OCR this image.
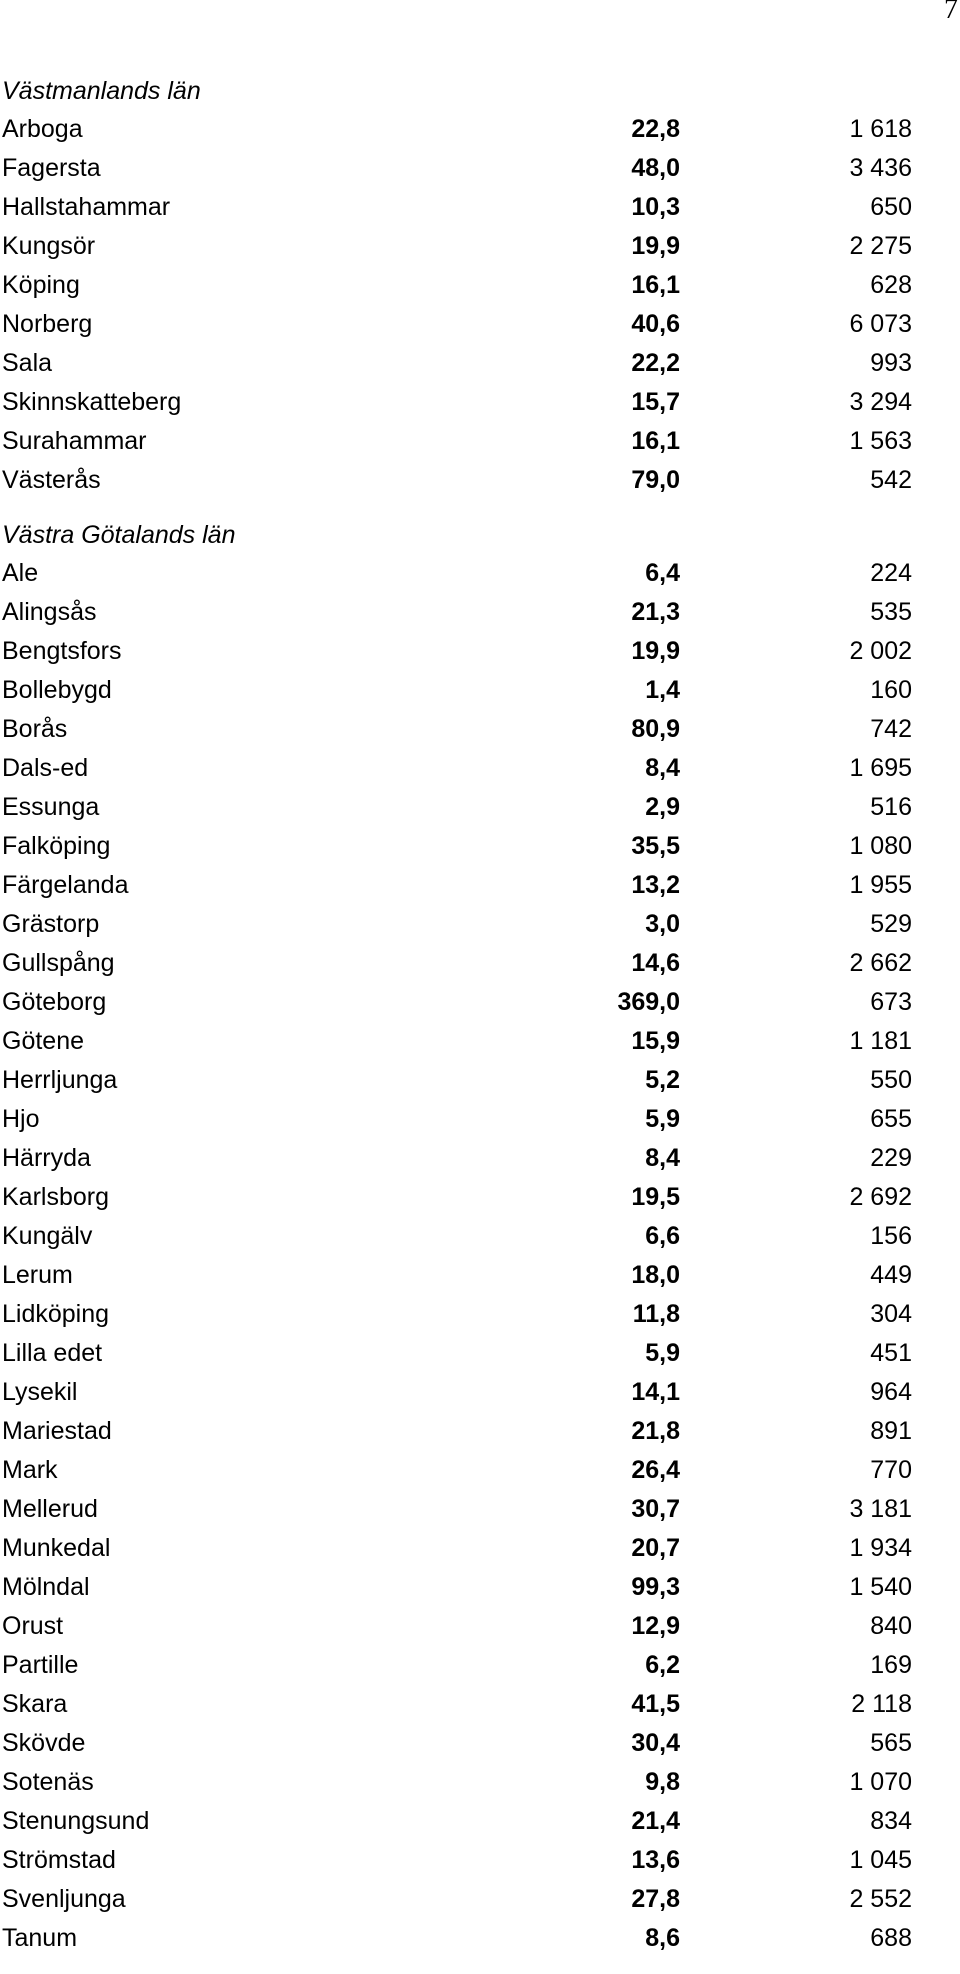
7
Västmanlands län
Arboga	22,8	1 618
Fagersta	48,0	3 436
Hallstahammar	10,3	650
Kungsör	19,9	2 275
Köping	16,1	628
Norberg	40,6	6 073
Sala	22,2	993
Skinnskatteberg	15,7	3 294
Surahammar	16,1	1 563
Västerås	79,0	542
Västra Götalands län
Ale	6,4	224
Alingsås	21,3	535
Bengtsfors	19,9	2 002
Bollebygd	1,4	160
Borås	80,9	742
Dals-ed	8,4	1 695
Essunga	2,9	516
Falköping	35,5	1 080
Färgelanda	13,2	1 955
Grästorp	3,0	529
Gullspång	14,6	2 662
Göteborg	369,0	673
Götene	15,9	1 181
Herrljunga	5,2	550
Hjo	5,9	655
Härryda	8,4	229
Karlsborg	19,5	2 692
Kungälv	6,6	156
Lerum	18,0	449
Lidköping	11,8	304
Lilla edet	5,9	451
Lysekil	14,1	964
Mariestad	21,8	891
Mark	26,4	770
Mellerud	30,7	3 181
Munkedal	20,7	1 934
Mölndal	99,3	1 540
Orust	12,9	840
Partille	6,2	169
Skara	41,5	2 118
Skövde	30,4	565
Sotenäs	9,8	1 070
Stenungsund	21,4	834
Strömstad	13,6	1 045
Svenljunga	27,8	2 552
Tanum	8,6	688
